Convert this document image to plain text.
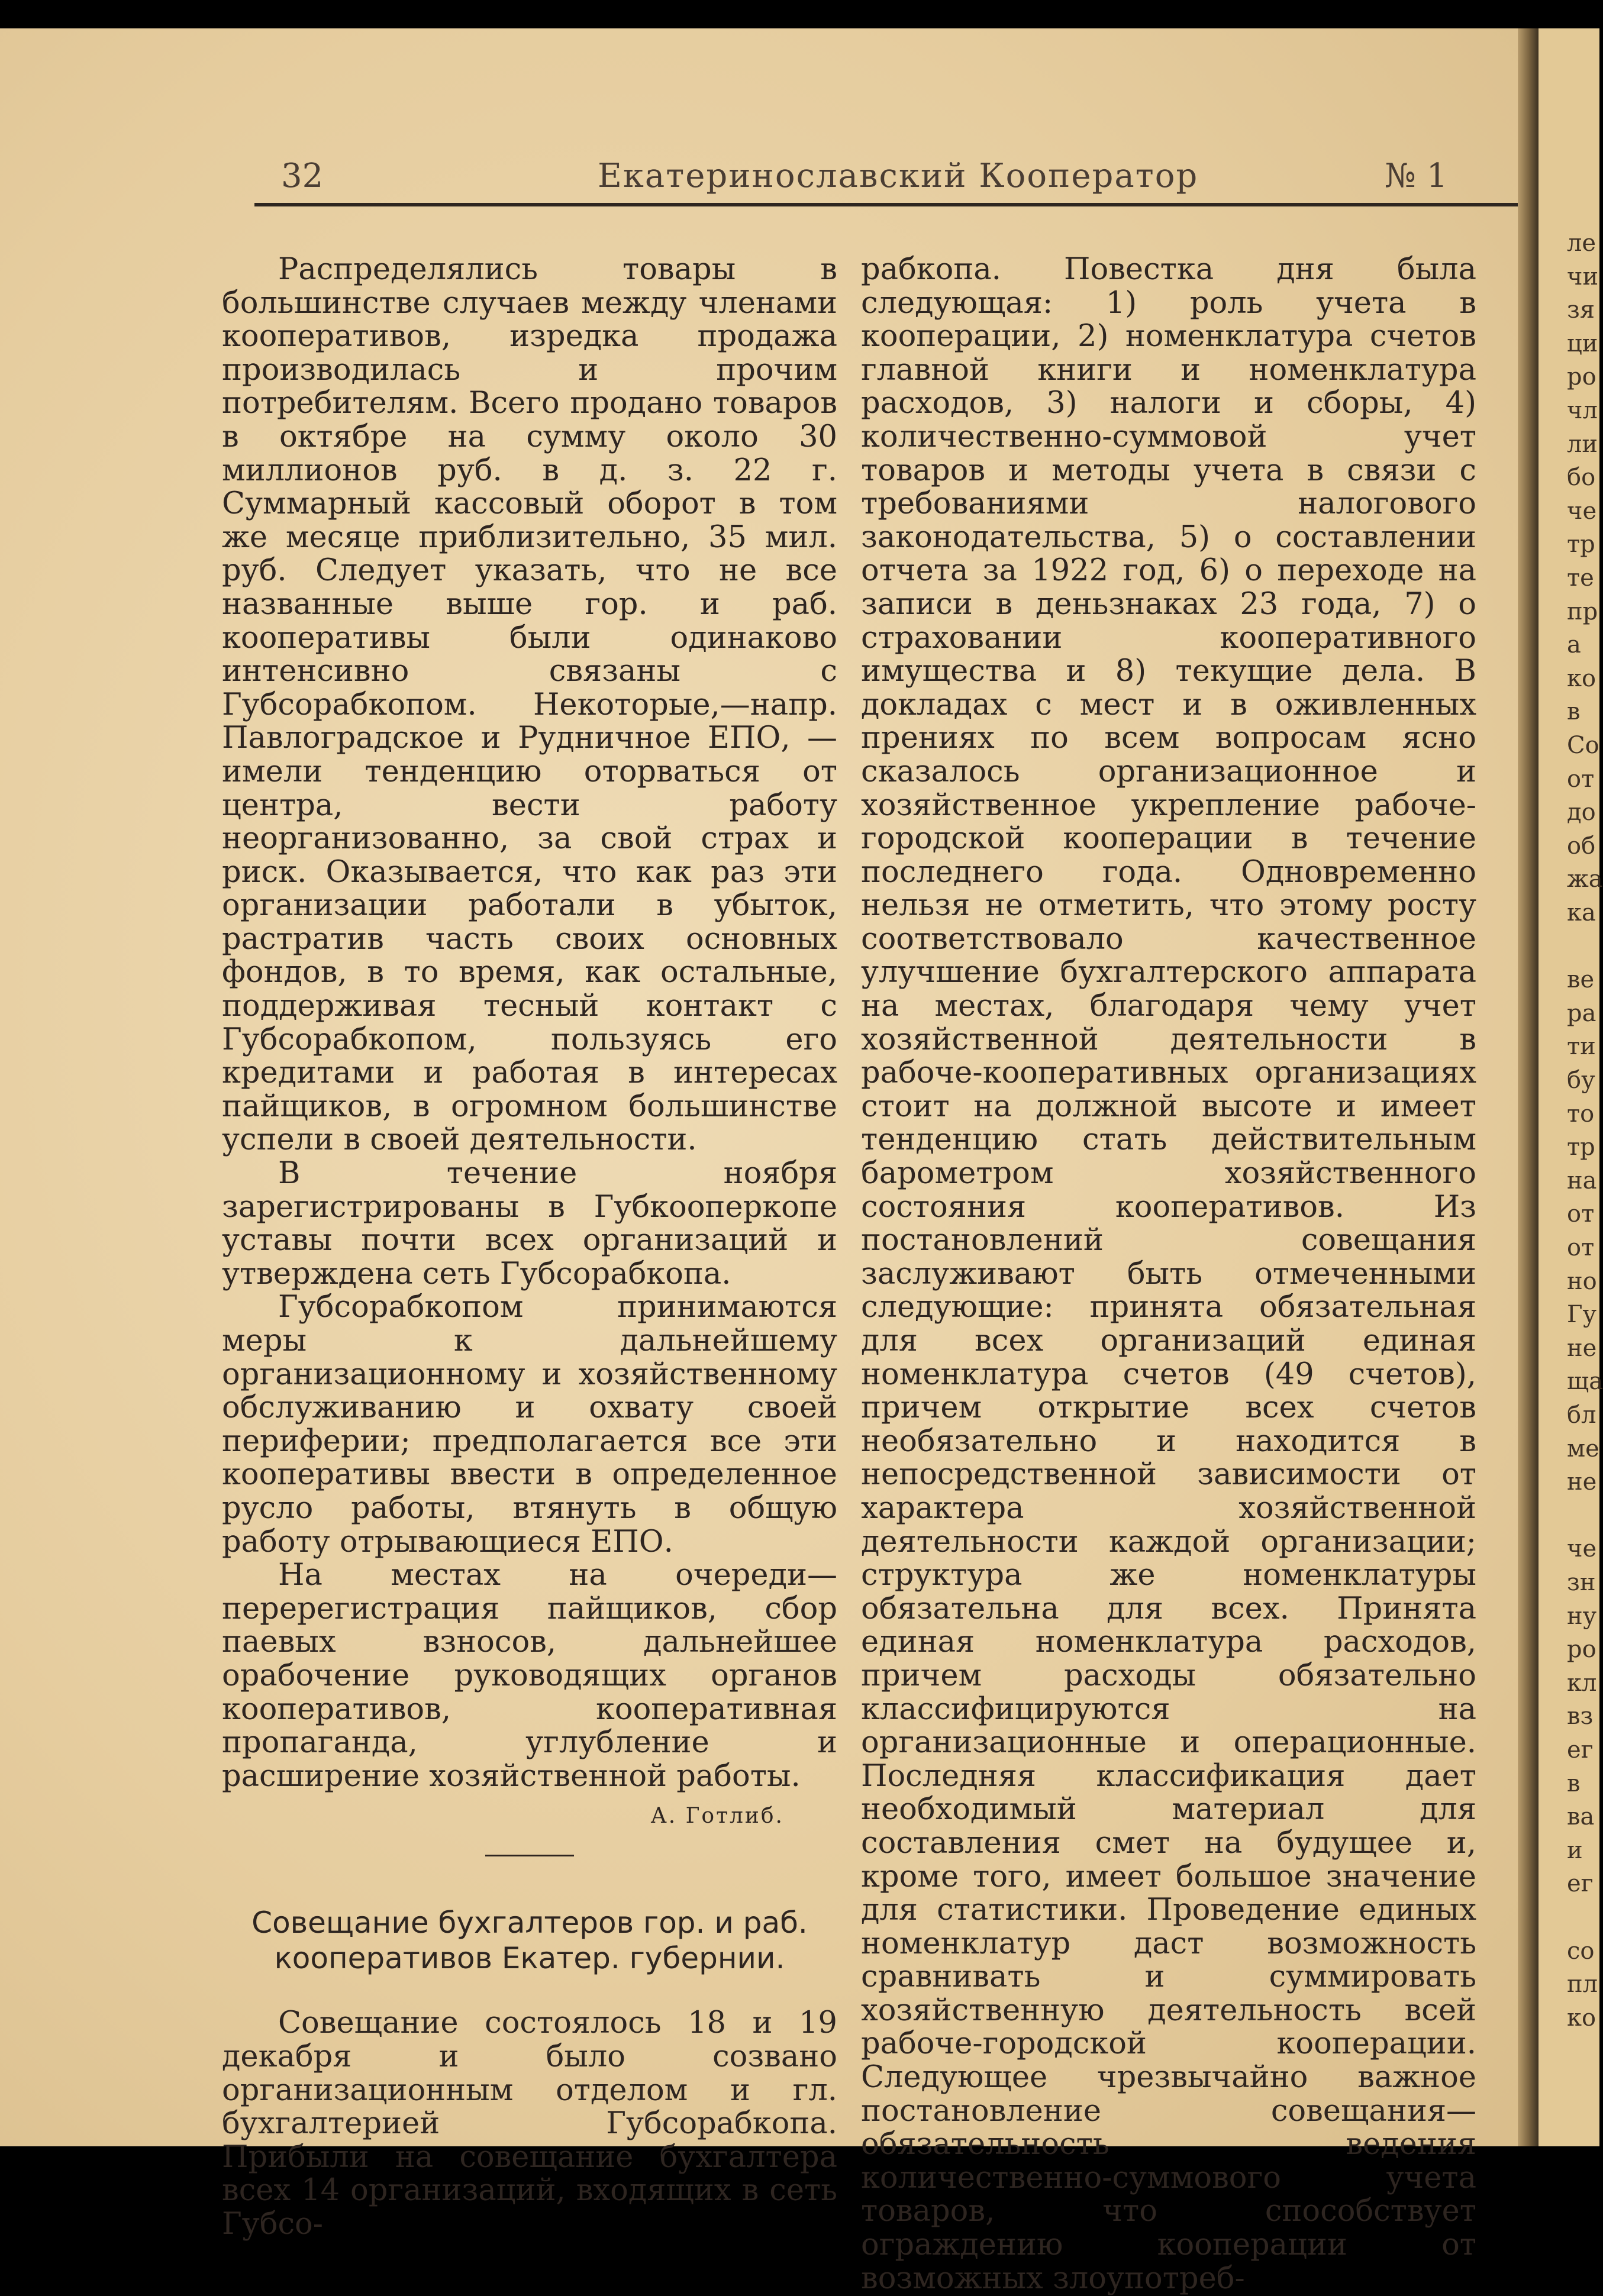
32	Екатеринославский Кооператор	№ 1

Распределялись товары в большинстве случаев между членами кооперативов, изредка продажа производилась и прочим потребителям. Всего продано товаров в октябре на сумму около 30 миллионов руб. в д. з. 22 г. Суммарный кассовый оборот в том же месяце приблизительно, 35 мил. руб. Следует указать, что не все названные выше гор. и раб. кооперативы были одинаково интенсивно связаны с Губсорабкопом. Некоторые,—напр. Павлоградское и Рудничное ЕПО, — имели тенденцию оторваться от центра, вести работу неорганизованно, за свой страх и риск. Оказывается, что как раз эти организации работали в убыток, растратив часть своих основных фондов, в то время, как остальные, поддерживая тесный контакт с Губсорабкопом, пользуясь его кредитами и работая в интересах пайщиков, в огромном большинстве успели в своей деятельности.

В течение ноября зарегистрированы в Губкооперкопе уставы почти всех организаций и утверждена сеть Губсорабкопа.

Губсорабкопом принимаются меры к дальнейшему организационному и хозяйственному обслуживанию и охвату своей периферии; предполагается все эти кооперативы ввести в определенное русло работы, втянуть в общую работу отрывающиеся ЕПО.

На местах на очереди—перерегистрация пайщиков, сбор паевых взносов, дальнейшее орабочение руководящих органов кооперативов, кооперативная пропаганда, углубление и расширение хозяйственной работы.

А. Готлиб.
Совещание бухгалтеров гор. и раб. кооперативов Екатер. губернии.

Совещание состоялось 18 и 19 декабря и было созвано организационным отделом и гл. бухгалтерией Губсорабкопа. Прибыли на совещание бухгалтера всех 14 организаций, входящих в сеть Губсо-

рабкопа. Повестка дня была следующая: 1) роль учета в кооперации, 2) номенклатура счетов главной книги и номенклатура расходов, 3) налоги и сборы, 4) количественно-суммовой учет товаров и методы учета в связи с требованиями налогового законодательства, 5) о составлении отчета за 1922 год, 6) о переходе на записи в деньзнаках 23 года, 7) о страховании кооперативного имущества и 8) текущие дела. В докладах с мест и в оживленных прениях по всем вопросам ясно сказалось организационное и хозяйственное укрепление рабоче-городской кооперации в течение последнего года. Одновременно нельзя не отметить, что этому росту соответствовало качественное улучшение бухгалтерского аппарата на местах, благодаря чему учет хозяйственной деятельности в рабоче-кооперативных организациях стоит на должной высоте и имеет тенденцию стать действительным барометром хозяйственного состояния кооперативов. Из постановлений совещания заслуживают быть отмеченными следующие: принята обязательная для всех организаций единая номенклатура счетов (49 счетов), причем открытие всех счетов необязательно и находится в непосредственной зависимости от характера хозяйственной деятельности каждой организации; структура же номенклатуры обязательна для всех. Принята единая номенклатура расходов, причем расходы обязательно классифицируются на организационные и операционные. Последняя классификация дает необходимый материал для составления смет на будущее и, кроме того, имеет большое значение для статистики. Проведение единых номенклатур даст возможность сравнивать и суммировать хозяйственную деятельность всей рабоче-городской кооперации. Следующее чрезвычайно важное постановление совещания—обязательность ведения количественно-суммового учета товаров, что способствует ограждению кооперации от возможных злоупотреб-

ле
чи
зя
ци
ро
чл
ли
бо
че
тр
те
пр
а
ко
в
Со
от
до
об
жа
ка
ве
ра
ти
бу
то
тр
на
от
от
но
Гу
не
ща
бл
ме
не
че
зн
ну
ро
кл
вз
ег
в
ва
и
ег
со
пл
ко
